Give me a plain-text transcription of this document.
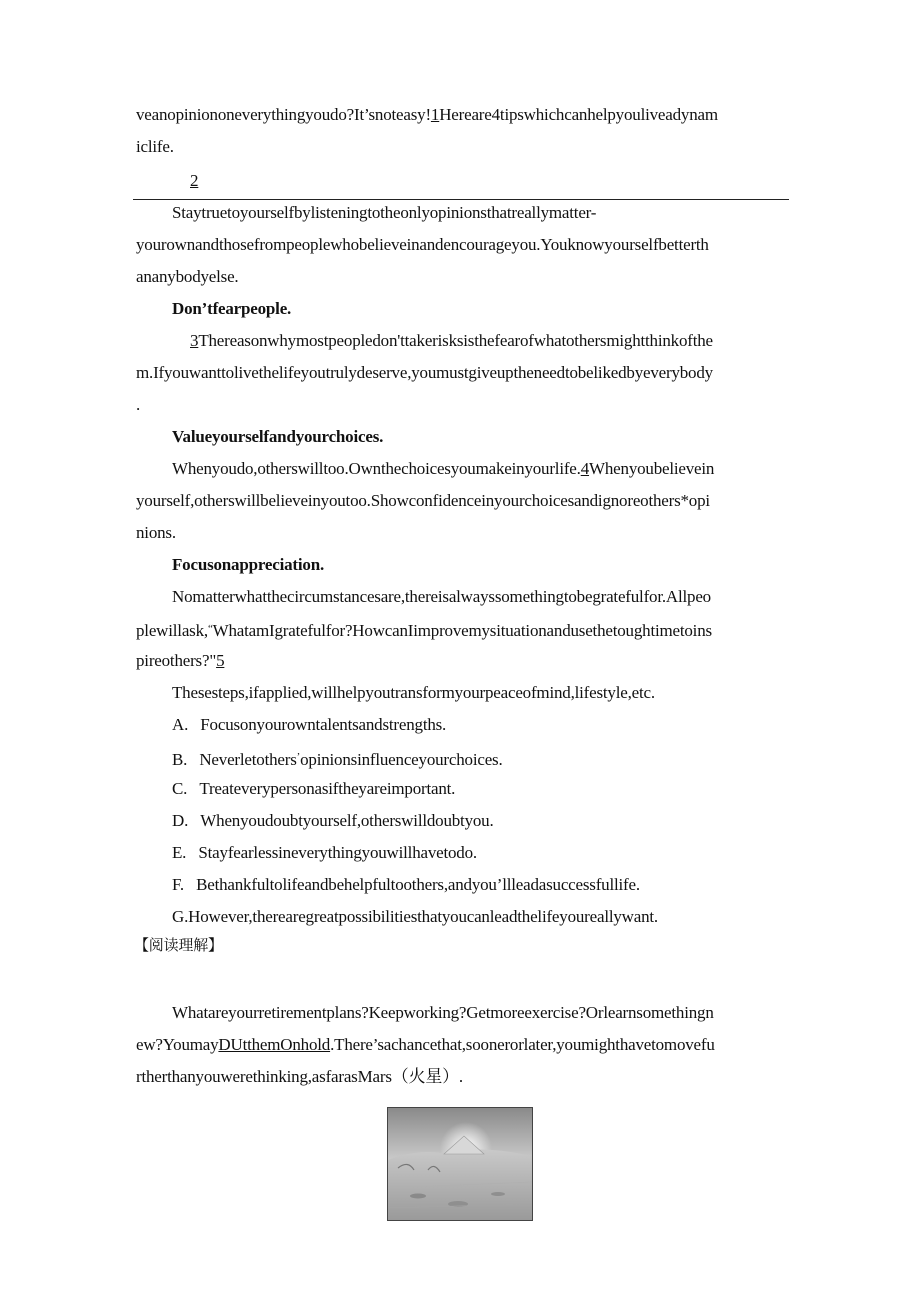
veanopiniononeverythingyoudo?It’snoteasy!1Hereare4tipswhichcanhelpyouliveadynam
iclife.
2
Staytruetoyourselfbylisteningtotheonlyopinionsthatreallymatter-
yourownandthosefrompeoplewhobelieveinandencourageyou.Youknowyourselfbetterth
ananybodyelse.
Don’tfearpeople.
3Thereasonwhymostpeopledon'ttakerisksisthefearofwhatothersmightthinkofthe
m.Ifyouwanttolivethelifeyoutrulydeserve,youmustgiveuptheneedtobelikedbyeverybody
.
Valueyourselfandyourchoices.
Whenyoudo,otherswilltoo.Ownthechoicesyoumakeinyourlife.4Whenyoubelievein
yourself,otherswillbelieveinyoutoo.Showconfidenceinyourchoicesandignoreothers*opi
nions.
Focusonappreciation.
Nomatterwhatthecircumstancesare,thereisalwayssomethingtobegratefulfor.Allpeo
plewillask,“WhatamIgratefulfor?HowcanIimprovemysituationandusethetoughtimetoins
pireothers?"5
Thesesteps,ifapplied,willhelpyoutransformyourpeaceofmind,lifestyle,etc.
A. Focusonyourowntalentsandstrengths.
B. Neverletothers’opinionsinfluenceyourchoices.
C. Treateverypersonasiftheyareimportant.
D. Whenyoudoubtyourself,otherswilldoubtyou.
E. Stayfearlessineverythingyouwillhavetodo.
F. Bethankfultolifeandbehelpfultoothers,andyou’llleadasuccessfullife.
G.However,therearegreatpossibilitiesthatyoucanleadthelifeyoureallywant.
【阅读理解】
Whatareyourretirementplans?Keepworking?Getmoreexercise?Orlearnsomethingn
ew?YoumayDUtthemOnhold.There’sachancethat,soonerorlater,youmighthavetomovefu
rtherthanyouwerethinking,asfarasMars（火星）.
